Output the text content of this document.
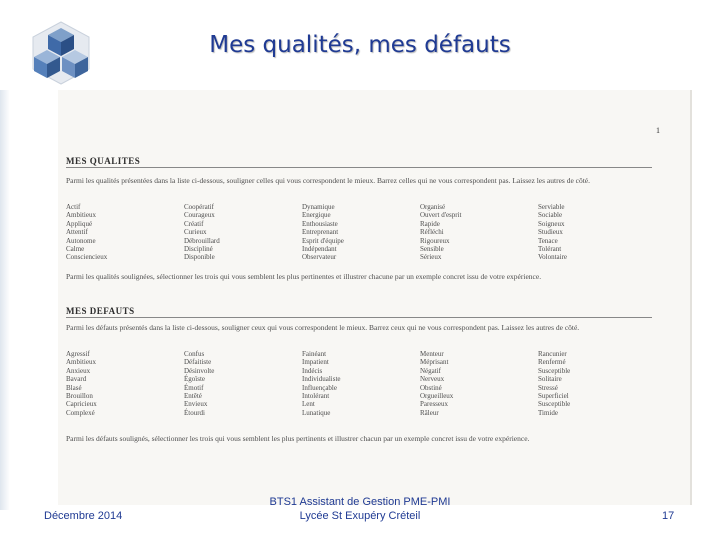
Mes qualités, mes défauts
1
MES QUALITES
Parmi les qualités présentées dans la liste ci-dessous, souligner celles qui vous correspondent le mieux. Barrez celles qui ne vous correspondent pas. Laissez les autres de côté.
Actif
Ambitieux
Appliqué
Attentif
Autonome
Calme
Consciencieux
Coopératif
Courageux
Créatif
Curieux
Débrouillard
Discipliné
Disponible
Dynamique
Energique
Enthousiaste
Entreprenant
Esprit d'équipe
Indépendant
Observateur
Organisé
Ouvert d'esprit
Rapide
Réfléchi
Rigoureux
Sensible
Sérieux
Serviable
Sociable
Soigneux
Studieux
Tenace
Tolérant
Volontaire
Parmi les qualités soulignées, sélectionner les trois qui vous semblent les plus pertinentes et illustrer chacune par un exemple concret issu de votre expérience.
MES DEFAUTS
Parmi les défauts présentés dans la liste ci-dessous, souligner ceux qui vous correspondent le mieux. Barrez ceux qui ne vous correspondent pas. Laissez les autres de côté.
Agressif
Ambitieux
Anxieux
Bavard
Blasé
Brouillon
Capricieux
Complexé
Confus
Défaitiste
Désinvolte
Égoïste
Émotif
Entêté
Envieux
Étourdi
Fainéant
Impatient
Indécis
Individualiste
Influençable
Intolérant
Lent
Lunatique
Menteur
Méprisant
Négatif
Nerveux
Obstiné
Orgueilleux
Paresseux
Râleur
Rancunier
Renfermé
Susceptible
Solitaire
Stressé
Superficiel
Susceptible
Timide
Parmi les défauts soulignés, sélectionner les trois qui vous semblent les plus pertinents et illustrer chacun par un exemple concret issu de votre expérience.
Décembre 2014
BTS1 Assistant de Gestion PME-PMI
Lycée St Exupéry Créteil	17
